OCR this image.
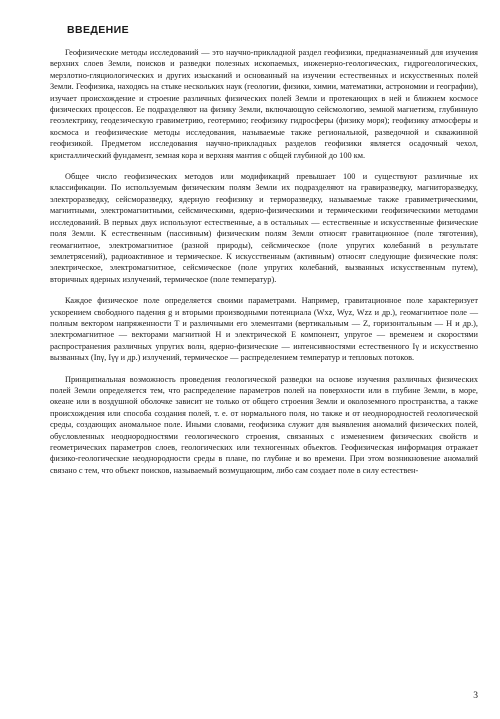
ВВЕДЕНИЕ

Геофизические методы исследований — это научно-прикладной раздел геофизики, предназначенный для изучения верхних слоев Земли, поисков и разведки полезных ископаемых, инженерно-геологических, гидрогеологических, мерзлотно-гляциологических и других изысканий и основанный на изучении естественных и искусственных полей Земли. Геофизика, находясь на стыке нескольких наук (геологии, физики, химии, математики, астрономии и географии), изучает происхождение и строение различных физических полей Земли и протекающих в ней и ближнем космосе физических процессов. Ее подразделяют на физику Земли, включающую сейсмологию, земной магнетизм, глубинную геоэлектрику, геодезическую гравиметрию, геотермию; геофизику гидросферы (физику моря); геофизику атмосферы и космоса и геофизические методы исследования, называемые также региональной, разведочной и скважинной геофизикой. Предметом исследования научно-прикладных разделов геофизики является осадочный чехол, кристаллический фундамент, земная кора и верхняя мантия с общей глубиной до 100 км.

Общее число геофизических методов или модификаций превышает 100 и существуют различные их классификации. По используемым физическим полям Земли их подразделяют на гравиразведку, магниторазведку, электроразведку, сейсморазведку, ядерную геофизику и терморазведку, называемые также гравиметрическими, магнитными, электромагнитными, сейсмическими, ядерно-физическими и термическими геофизическими методами исследований. В первых двух используют естественные, а в остальных — естественные и искусственные физические поля Земли. К естественным (пассивным) физическим полям Земли относят гравитационное (поле тяготения), геомагнитное, электромагнитное (разной природы), сейсмическое (поле упругих колебаний в результате землетрясений), радиоактивное и термическое. К искусственным (активным) относят следующие физические поля: электрическое, электромагнитное, сейсмическое (поле упругих колебаний, вызванных искусственным путем), вторичных ядерных излучений, термическое (поле температур).

Каждое физическое поле определяется своими параметрами. Например, гравитационное поле характеризует ускорением свободного падения g и вторыми производными потенциала (Wxz, Wyz, Wzz и др.), геомагнитное поле — полным вектором напряженности T и различными его элементами (вертикальным — Z, горизонтальным — H и др.), электромагнитное — векторами магнитной H и электрической E компонент, упругое — временем и скоростями распространения различных упругих волн, ядерно-физические — интенсивностями естественного Iγ и искусственно вызванных (Inγ, Iγγ и др.) излучений, термическое — распределением температур и тепловых потоков.

Принципиальная возможность проведения геологической разведки на основе изучения различных физических полей Земли определяется тем, что распределение параметров полей на поверхности или в глубине Земли, в море, океане или в воздушной оболочке зависит не только от общего строения Земли и околоземного пространства, а также происхождения или способа создания полей, т. е. от нормального поля, но также и от неоднородностей геологической среды, создающих аномальное поле. Иными словами, геофизика служит для выявления аномалий физических полей, обусловленных неоднородностями геологического строения, связанных с изменением физических свойств и геометрических параметров слоев, геологических или техногенных объектов. Геофизическая информация отражает физико-геологические неоднородности среды в плане, по глубине и во времени. При этом возникновение аномалий связано с тем, что объект поисков, называемый возмущающим, либо сам создает поле в силу естествен-

3
